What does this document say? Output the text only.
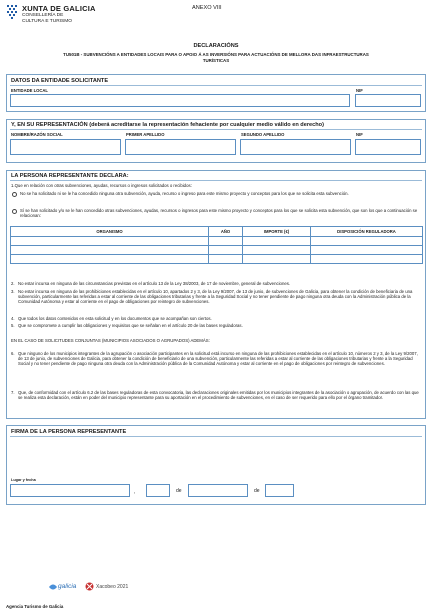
XUNTA DE GALICIA
CONSELLERÍA DE
CULTURA E TURISMO
ANEXO VIII
DECLARACIÓNS
TU501B - SUBVENCIÓNS A ENTIDADES LOCAIS PARA O APOIO Á AS INVERSIÓNS PARA ACTUACIÓNS DE MELLORA DAS INFRAESTRUCTURAS TURÍSTICAS
DATOS DA ENTIDADE SOLICITANTE
ENTIDADE LOCAL	NIF
Y, EN SU REPRESENTACIÓN (deberá acreditarse la representación fehaciente por cualquier medio válido en derecho)
NOMBRE/RAZÓN SOCIAL	PRIMER APELLIDO	SEGUNDO APELLIDO	NIF
LA PERSONA REPRESENTANTE DECLARA:
1.Que en relación con otras subvenciones, ayudas, recursos o ingresos solicitados o recibidos:
No se ha solicitado ni se le ha concedido ninguna otra subvención, ayuda, recurso o ingreso para este mismo proyecto y conceptos para los que se solicita esta subvención.
Sí se han solicitado y/o se le han concedido otras subvenciones, ayudas, recursos o ingresos para este mismo proyecto y conceptos para los que se solicita esta subvención, que son los que a continuación se relacionan:
ORGANISMO	AÑO	IMPORTE (€)	DISPOSICIÓN REGULADORA

2. No estar incursa en ninguna de las circunstancias previstas en el artículo 13 de la Ley 38/2003, de 17 de noviembre, general de subvenciones.
3. No estar incursa en ninguna de las prohibiciones establecidas en el artículo 10, apartados 2 y 3, de la Ley 9/2007, de 13 de junio, de subvenciones de Galicia, para obtener la condición de beneficiaria de una subvención, particularmente las referidas a estar al corriente de las obligaciones tributarias y frente a la Seguridad Social y no tener pendiente de pago ninguna otra deuda con la Administración pública de la Comunidad Autónoma y estar al corriente en el pago de obligaciones por reintegro de subvenciones.
4. Que todos los datos contenidos en esta solicitud y en los documentos que se acompañan son ciertos.
5. Que se compromete a cumplir las obligaciones y requisitos que se señalan en el artículo 20 de las bases reguladoras.
EN EL CASO DE SOLICITUDES CONJUNTAS (MUNICIPIOS ASOCIADOS O AGRUPADOS) ADEMÁS:
6. Que ninguno de los municipios integrantes de la agrupación o asociación participantes en la solicitud está incurso en ninguna de las prohibiciones establecidas en el artículo 10, números 2 y 3, de la Ley 9/2007, de 13 de junio, de subvenciones de Galicia, para obtener la condición de beneficiario de una subvención, particularmente las referidas a estar al corriente de las obligaciones tributarias y frente a la Seguridad Social y no tener pendiente de pago ninguna otra deuda con la Administración pública de la Comunidad Autónoma y estar al corriente en el pago de obligaciones por reintegro de subvenciones.
7. Que, de conformidad con el artículo 6.2 de las bases reguladoras de esta convocatoria, las declaraciones originales emitidas por los municipios integrantes de la asociación o agrupación, de acuerdo con las que se realiza esta declaración, están en poder del municipio representante para su aportación en el procedimiento de subvenciones, en el caso de ser requerido para ello por el órgano tramitador.
FIRMA DE LA PERSONA REPRESENTANTE
Lugar y fecha
,	de	de
galicia	Xacobeo 2021
Agencia Turismo de Galicia
